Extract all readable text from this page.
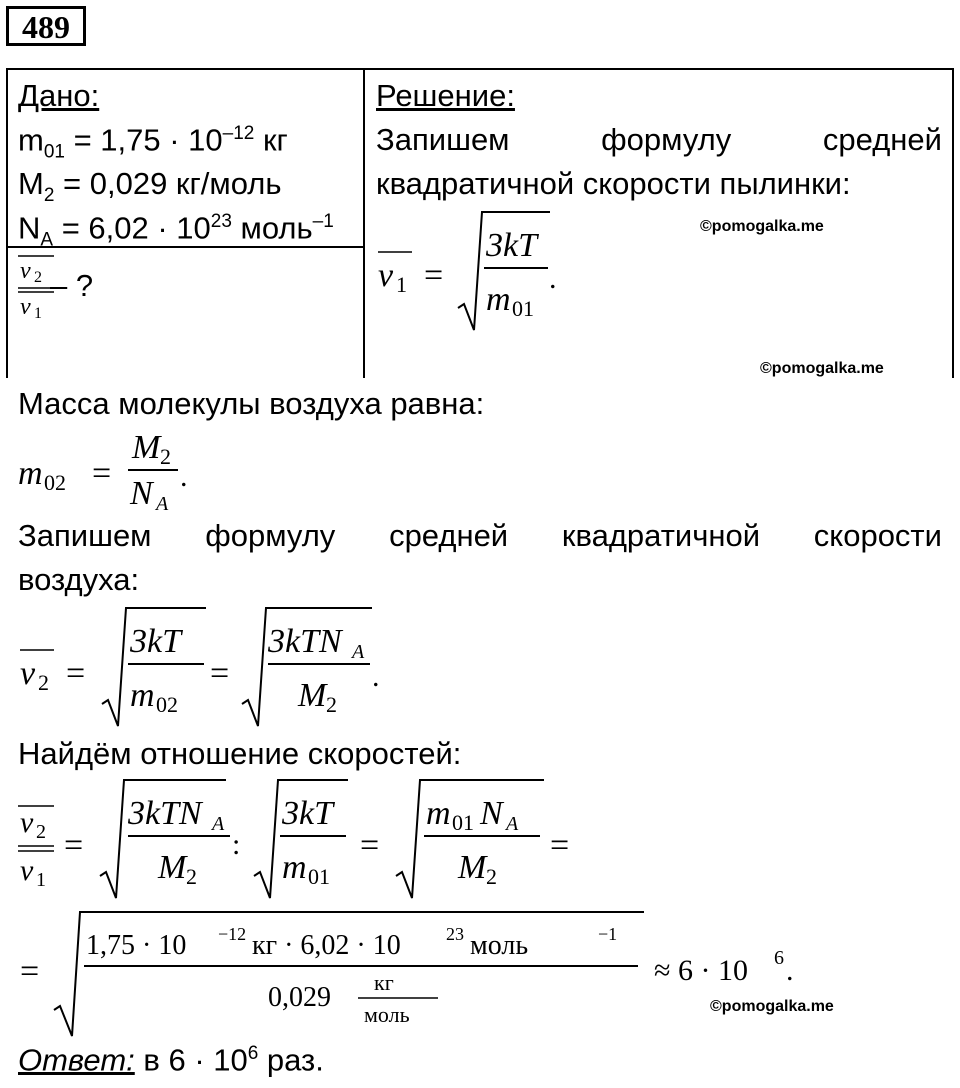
489
Дано:
$m_{01} = 1,75 \cdot 10^{-12}$ кг
$M_2 = 0,029$ кг/моль
$N_A = 6,02 \cdot 10^{23}$ моль$^{-1}$
v 2
v 1
– ?
Решение:
Запишем	формулу	средней
квадратичной скорости пылинки:
©pomogalka.me
v 1 =
3kT
m 01
.
©pomogalka.me
Масса молекулы воздуха равна:
m 02 =
M 2
N A
.
Запишем формулу средней квадратичной скорости
воздуха:
v 2 =
3kT
m 02
=
3kTN A
M 2
.
Найдём отношение скоростей:
v 2
v 1
=
3kTN A
M 2
:
3kT
m 01
=
m 01 N A
M 2
=
=
1,75 · 10 −12 кг · 6,02 · 10	23 моль	−1
0,029 кг
моль
≈ 6 · 10 6 .
©pomogalka.me
Ответ: в $6 \cdot 10^6$ раз.
